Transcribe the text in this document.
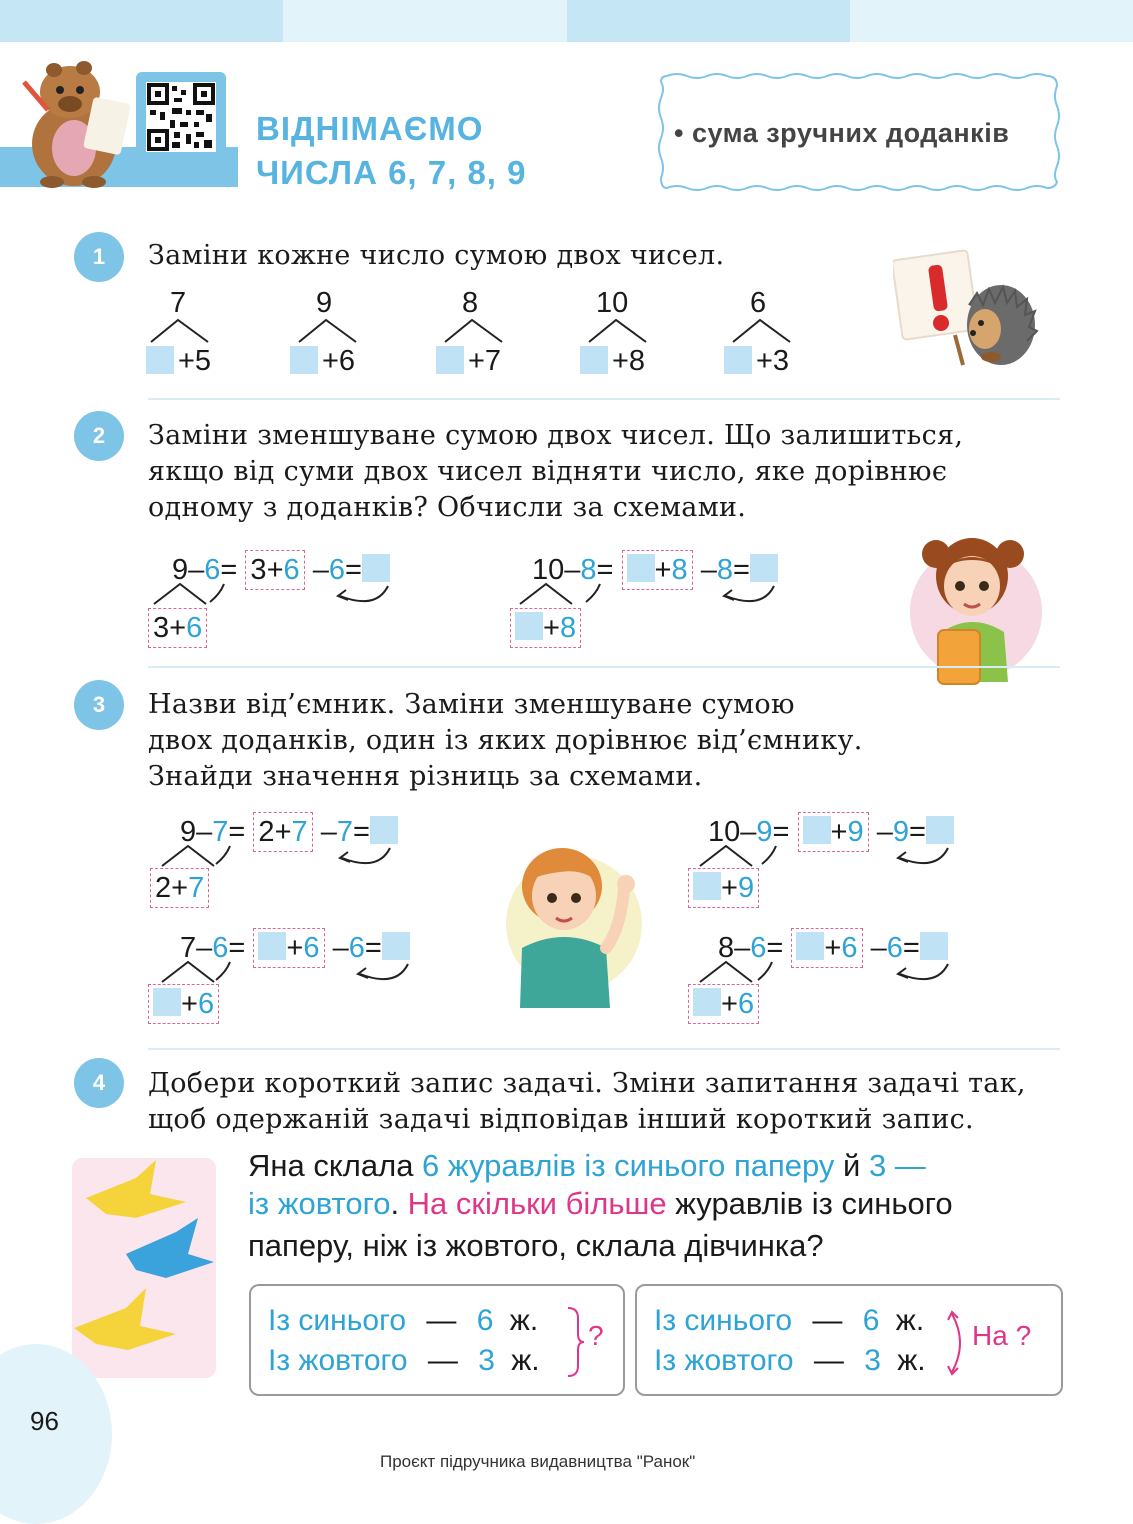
ВІДНІМАЄМО
ЧИСЛА 6, 7, 8, 9
• сума зручних доданків
1	Заміни кожне число сумою двох чисел.
7
+5
9
+6
8
+7
10
+8
6
+3
2	Заміни зменшуване сумою двох чисел. Що залишиться,
якщо від суми двох чисел відняти число, яке дорівнює
одному з доданків? Обчисли за схемами.
9–6= 3+6 –6=
3+6
10–8= +8 –8=
+8
3	Назви від’ємник. Заміни зменшуване сумою
двох доданків, один із яких дорівнює від’ємнику.
Знайди значення різниць за схемами.
9–7= 2+7 –7=
2+7
7–6= +6 –6=
+6
10–9= +9 –9=
+9
8–6= +6 –6=
+6
4	Добери короткий запис задачі. Зміни запитання задачі так,
щоб одержаній задачі відповідав інший короткий запис.
Яна склала 6 журавлів із синього паперу й 3 —
із жовтого. На скільки більше журавлів із синього
паперу, ніж із жовтого, склала дівчинка?
Із синього — 6 ж.
Із жовтого — 3 ж.
? Із синього — 6 ж.
Із жовтого — 3 ж.
На ?
96
Проєкт підручника видавництва "Ранок"
